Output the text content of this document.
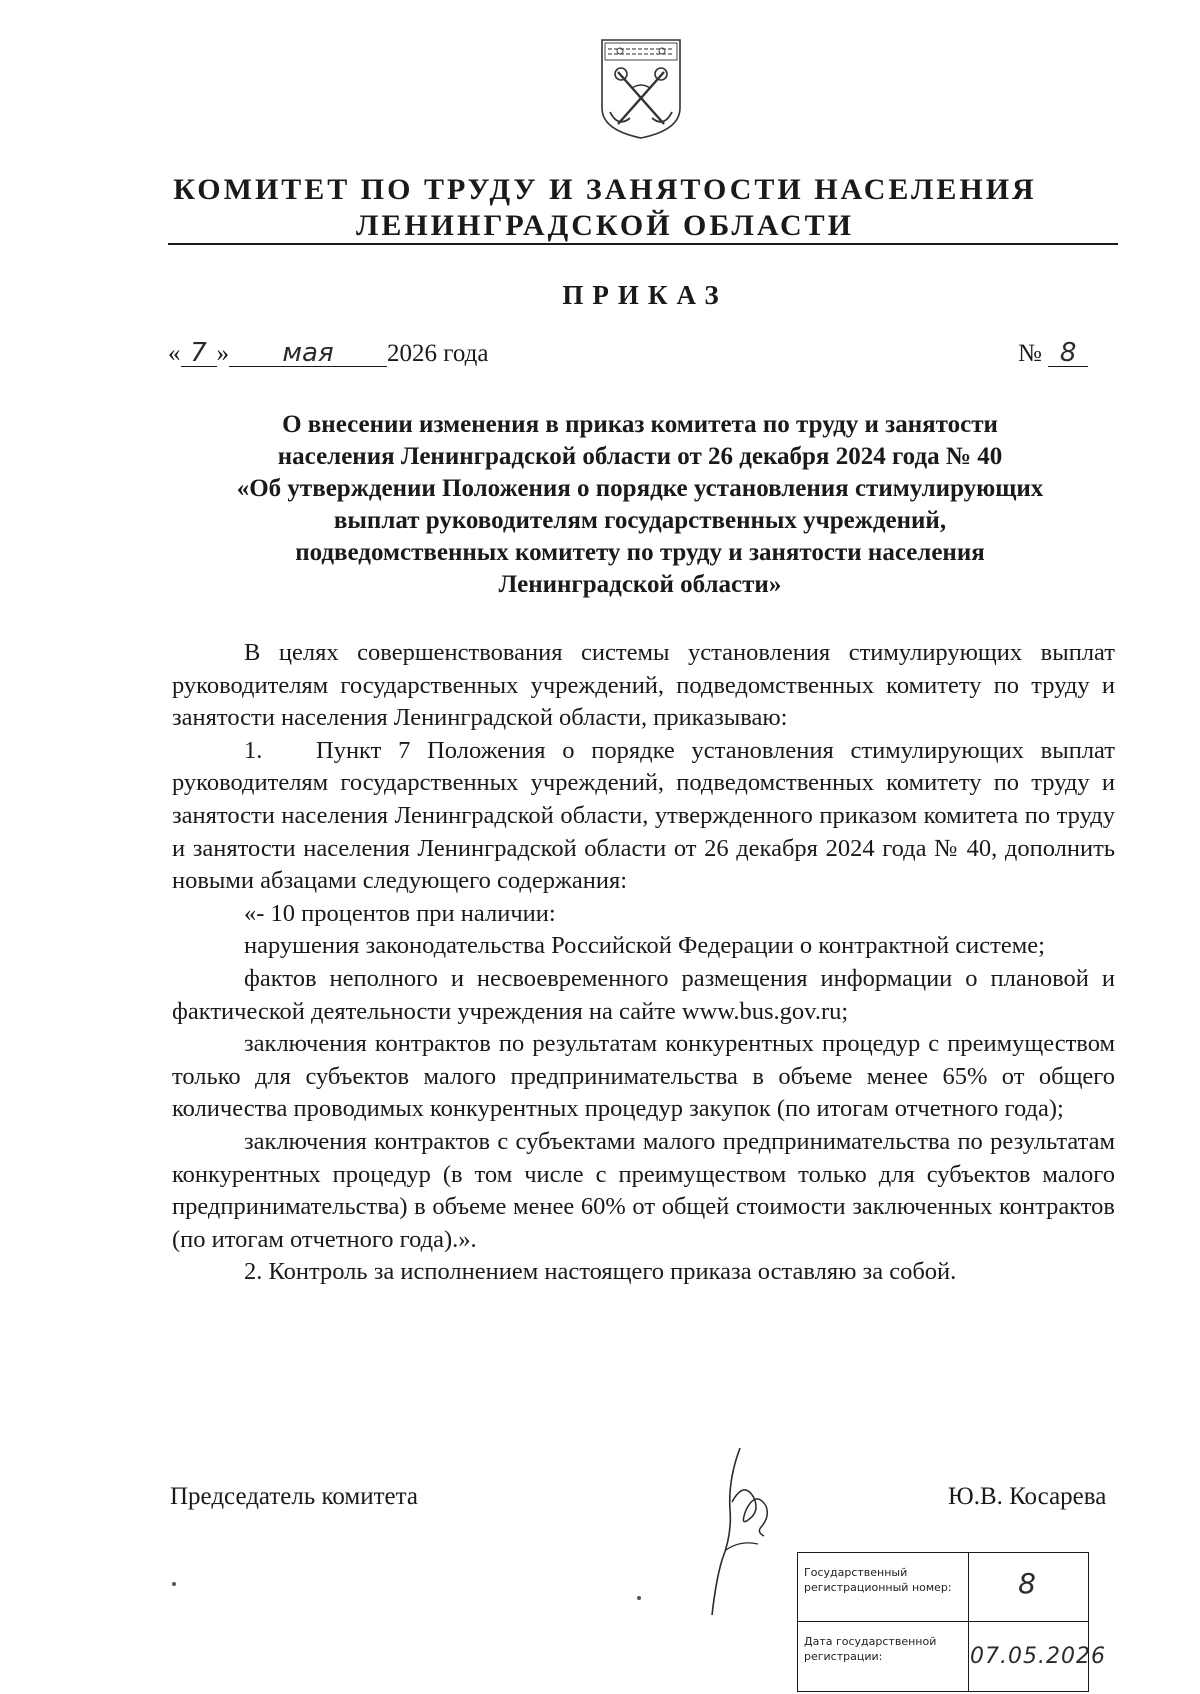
КОМИТЕТ ПО ТРУДУ И ЗАНЯТОСТИ НАСЕЛЕНИЯ
ЛЕНИНГРАДСКОЙ ОБЛАСТИ
ПРИКАЗ
« 7 » мая 2026 года	№ 8
О внесении изменения в приказ комитета по труду и занятости
населения Ленинградской области от 26 декабря 2024 года № 40
«Об утверждении Положения о порядке установления стимулирующих
выплат руководителям государственных учреждений,
подведомственных комитету по труду и занятости населения
Ленинградской области»

В целях совершенствования системы установления стимулирующих выплат руководителям государственных учреждений, подведомственных комитету по труду и занятости населения Ленинградской области, приказываю:

1. Пункт 7 Положения о порядке установления стимулирующих выплат руководителям государственных учреждений, подведомственных комитету по труду и занятости населения Ленинградской области, утвержденного приказом комитета по труду и занятости населения Ленинградской области от 26 декабря 2024 года № 40, дополнить новыми абзацами следующего содержания:

«- 10 процентов при наличии:

нарушения законодательства Российской Федерации о контрактной системе;

фактов неполного и несвоевременного размещения информации о плановой и фактической деятельности учреждения на сайте www.bus.gov.ru;

заключения контрактов по результатам конкурентных процедур с преимуществом только для субъектов малого предпринимательства в объеме менее 65% от общего количества проводимых конкурентных процедур закупок (по итогам отчетного года);

заключения контрактов с субъектами малого предпринимательства по результатам конкурентных процедур (в том числе с преимуществом только для субъектов малого предпринимательства) в объеме менее 60% от общей стоимости заключенных контрактов (по итогам отчетного года).».

2. Контроль за исполнением настоящего приказа оставляю за собой.

Председатель комитета	Ю.В. Косарева
Государственный регистрационный номер:	8
Дата государственной регистрации:	07.05.2026
